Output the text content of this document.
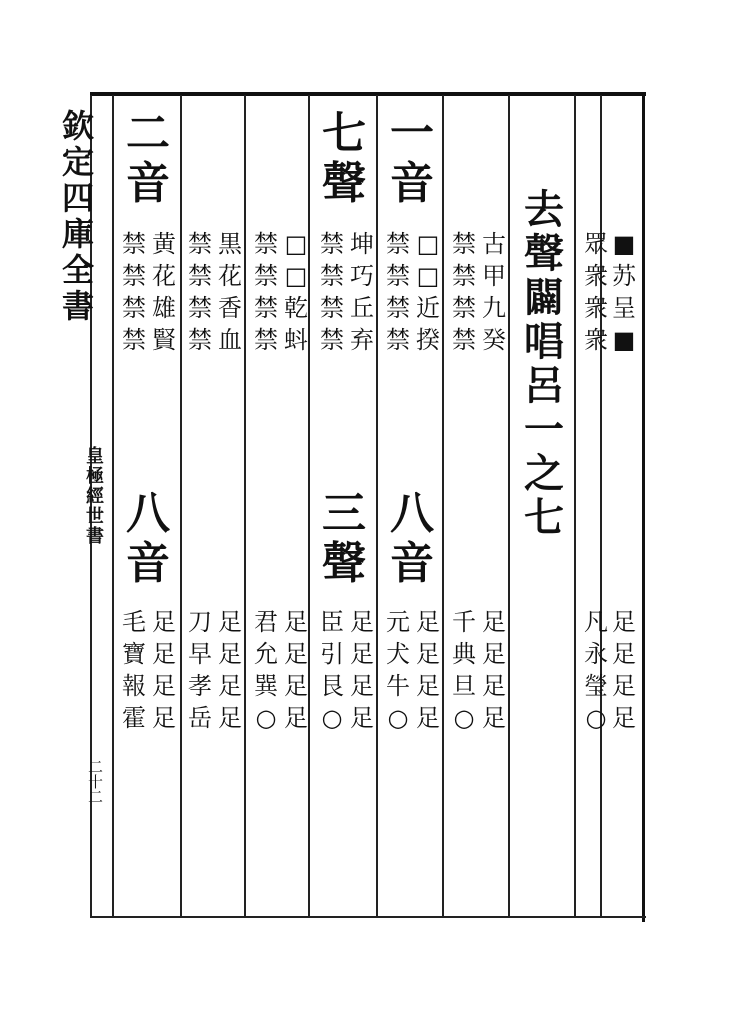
欽
定
四
庫
全
書
皇
極
經
世
書
二
十
二
■
苏
呈
■
眾
衆
衆
衆
足
足
足
足
凡
永
瑩
○
去
聲
闢
唱
呂
一
之
七
古
甲
九
癸
禁
禁
禁
禁
足
足
足
足
千
典
旦
○
一
音
□
□
近
揆
禁
禁
禁
禁
八
音
足
足
足
足
元
犬
牛
○
七
聲
坤
巧
丘
弃
禁
禁
禁
禁
三
聲
足
足
足
足
臣
引
艮
○
□
□
乾
蚪
禁
禁
禁
禁
足
足
足
足
君
允
巽
○
黒
花
香
血
禁
禁
禁
禁
足
足
足
足
刀
早
孝
岳
二
音
黄
花
雄
賢
禁
禁
禁
禁
八
音
足
足
足
足
毛
寶
報
霍
